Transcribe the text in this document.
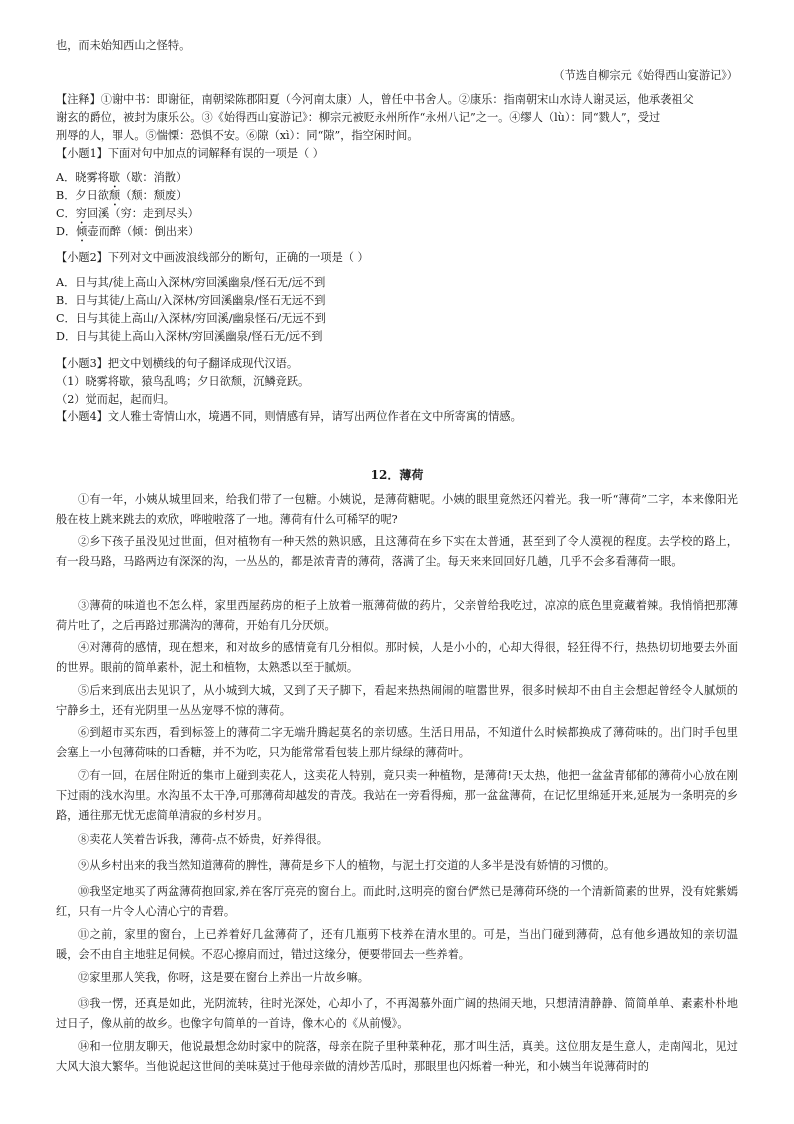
也，而未始知西山之怪特。
（节选自柳宗元《始得西山宴游记》）
【注释】①谢中书：即谢征，南朝梁陈郡阳夏（今河南太康）人，曾任中书舍人。②康乐：指南朝宋山水诗人谢灵运，他承袭祖父
谢玄的爵位，被封为康乐公。③《始得西山宴游记》：柳宗元被贬永州所作“永州八记”之一。④缪人（lù）：同“戮人”，受过
刑辱的人，罪人。⑤惴慄：恐惧不安。⑥隙（xì）：同“隙”，指空闲时间。
【小题1】下面对句中加点的词解释有误的一项是（ ）
A．晓雾将歇（歇：消散）
B．夕日欲颓（颓：颓废）
C．穷回溪（穷：走到尽头）
D．倾壶而醉（倾：倒出来）
【小题2】下列对文中画波浪线部分的断句，正确的一项是（ ）
A．日与其/徒上高山入深林/穷回溪幽泉/怪石无/远不到
B．日与其徒/上高山/入深林/穷回溪幽泉/怪石无远不到
C．日与其徒上高山/入深林/穷回溪/幽泉怪石/无远不到
D．日与其徒上高山入深林/穷回溪幽泉/怪石无/远不到
【小题3】把文中划横线的句子翻译成现代汉语。
（1）晓雾将歇，猿鸟乱鸣；夕日欲颓，沉鳞竞跃。
（2）觉而起，起而归。
【小题4】文人雅士寄情山水，境遇不同，则情感有异，请写出两位作者在文中所寄寓的情感。
12．薄荷
①有一年，小姨从城里回来，给我们带了一包糖。小姨说，是薄荷糖呢。小姨的眼里竟然还闪着光。我一听“薄荷”二字，本来像阳光般在枝上跳来跳去的欢欣，哗啦啦落了一地。薄荷有什么可稀罕的呢?
②乡下孩子虽没见过世面，但对植物有一种天然的熟识感，且这薄荷在乡下实在太普通，甚至到了令人漠视的程度。去学校的路上，有一段马路，马路两边有深深的沟，一丛丛的，都是浓青青的薄荷，落满了尘。每天来来回回好几趟，几乎不会多看薄荷一眼。
③薄荷的味道也不怎么样，家里西屋药房的柜子上放着一瓶薄荷做的药片，父亲曾给我吃过，凉凉的底色里竟藏着辣。我悄悄把那薄荷片吐了，之后再路过那满沟的薄荷，开始有几分厌烦。
④对薄荷的感情，现在想来，和对故乡的感情竟有几分相似。那时候，人是小小的，心却大得很，轻狂得不行，热热切切地要去外面的世界。眼前的简单素朴，泥土和植物，太熟悉以至于腻烦。
⑤后来到底出去见识了，从小城到大城，又到了天子脚下，看起来热热闹闹的喧嚣世界，很多时候却不由自主会想起曾经令人腻烦的宁静乡土，还有光阴里一丛丛宠辱不惊的薄荷。
⑥到超市买东西，看到标签上的薄荷二字无端升腾起莫名的亲切感。生活日用品，不知道什么时候都换成了薄荷味的。出门时手包里会塞上一小包薄荷味的口香糖，并不为吃，只为能常常看包装上那片绿绿的薄荷叶。
⑦有一回，在居住附近的集市上碰到卖花人，这卖花人特别，竟只卖一种植物，是薄荷!天太热，他把一盆盆青郁郁的薄荷小心放在刚下过雨的浅水沟里。水沟虽不太干净,可那薄荷却越发的青茂。我站在一旁看得痴，那一盆盆薄荷，在记忆里绵延开来,延展为一条明亮的乡路，通往那无忧无虑简单清寂的乡村岁月。
⑧卖花人笑着告诉我，薄荷-点不娇贵，好养得很。
⑨从乡村出来的我当然知道薄荷的脾性，薄荷是乡下人的植物，与泥土打交道的人多半是没有娇情的习惯的。
⑩我坚定地买了两盆薄荷抱回家,养在客厅亮亮的窗台上。而此时,这明亮的窗台俨然已是薄荷环绕的一个清新简素的世界，没有姹紫嫣红，只有一片令人心清心宁的青碧。
⑪之前，家里的窗台，上已养着好几盆薄荷了，还有几瓶剪下枝养在清水里的。可是，当出门碰到薄荷，总有他乡遇故知的亲切温暖，会不由自主地驻足伺候。不忍心擦肩而过，错过这缘分，便要带回去一些养着。
⑫家里那人笑我，你呀，这是要在窗台上养出一片故乡嘛。
⑬我一愣，还真是如此，光阴流转，往时光深处，心却小了，不再渴慕外面广阔的热闹天地，只想清清静静、简简单单、素素朴朴地过日子，像从前的故乡。也像字句简单的一首诗，像木心的《从前慢》。
⑭和一位朋友聊天，他说最想念幼时家中的院落，母亲在院子里种菜种花，那才叫生活，真美。这位朋友是生意人，走南闯北，见过大风大浪大繁华。当他说起这世间的美味莫过于他母亲做的清炒苦瓜时，那眼里也闪烁着一种光，和小姨当年说薄荷时的
